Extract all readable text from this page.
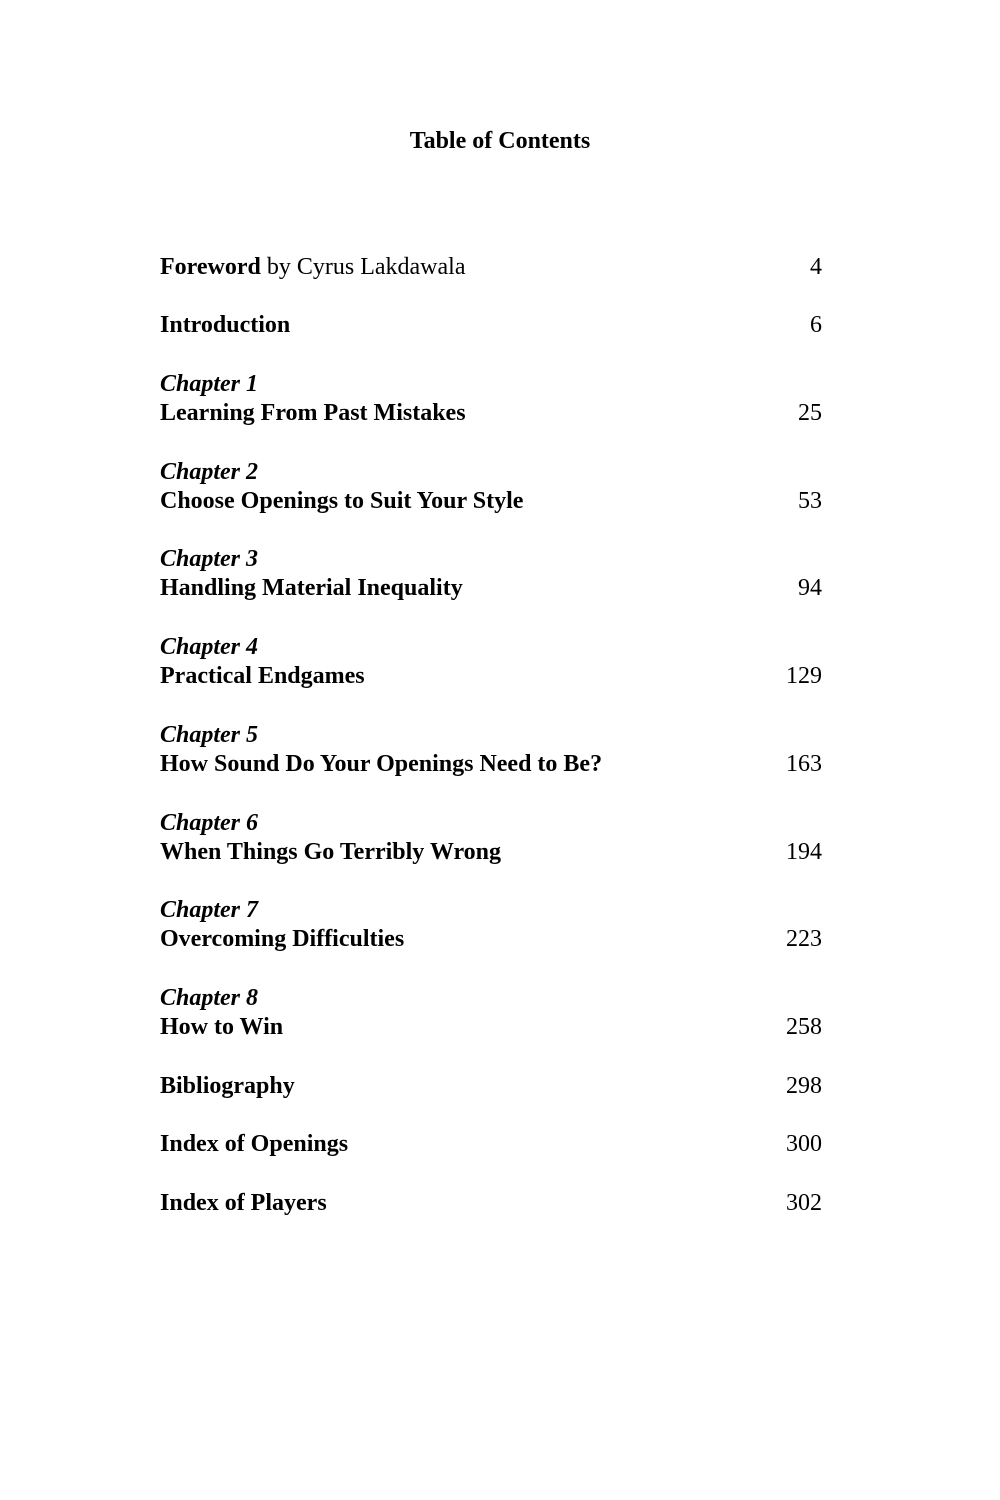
Table of Contents
Foreword by Cyrus Lakdawala	4
Introduction	6
Chapter 1
Learning From Past Mistakes	25
Chapter 2
Choose Openings to Suit Your Style	53
Chapter 3
Handling Material Inequality	94
Chapter 4
Practical Endgames	129
Chapter 5
How Sound Do Your Openings Need to Be?	163
Chapter 6
When Things Go Terribly Wrong	194
Chapter 7
Overcoming Difficulties	223
Chapter 8
How to Win	258
Bibliography	298
Index of Openings	300
Index of Players	302
